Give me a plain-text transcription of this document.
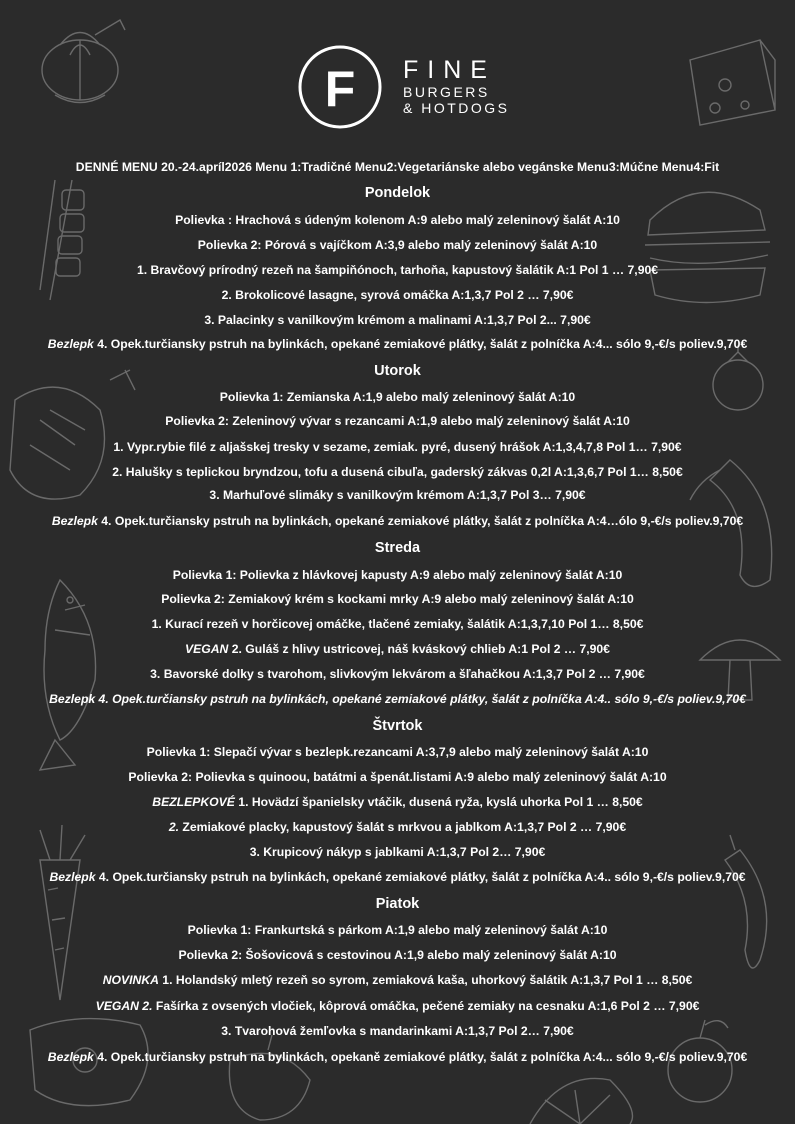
F FINE
BURGERS
& HOTDOGS
DENNÉ MENU 20.-24.apríl2026 Menu 1:Tradičné Menu2:Vegetariánske alebo vegánske Menu3:Múčne Menu4:Fit
Pondelok
Polievka : Hrachová s údeným kolenom A:9 alebo malý zeleninový šalát A:10
Polievka 2: Pórová s vajíčkom A:3,9 alebo malý zeleninový šalát A:10
1. Bravčový prírodný rezeň na šampiňónoch, tarhoňa, kapustový šalátik A:1 Pol 1 … 7,90€
2. Brokolicové lasagne, syrová omáčka A:1,3,7 Pol 2 … 7,90€
3. Palacinky s vanilkovým krémom a malinami A:1,3,7 Pol 2... 7,90€
Bezlepk 4. Opek.turčiansky pstruh na bylinkách, opekané zemiakové plátky, šalát z polníčka A:4... sólo 9,-€/s poliev.9,70€
Utorok
Polievka 1: Zemianska A:1,9 alebo malý zeleninový šalát A:10
Polievka 2: Zeleninový vývar s rezancami A:1,9 alebo malý zeleninový šalát A:10
1. Vypr.rybie filé z aljašskej tresky v sezame, zemiak. pyré, dusený hrášok A:1,3,4,7,8 Pol 1… 7,90€
2. Halušky s teplickou bryndzou, tofu a dusená cibuľa, gaderský zákvas 0,2l A:1,3,6,7 Pol 1… 8,50€
3. Marhuľové slimáky s vanilkovým krémom A:1,3,7 Pol 3… 7,90€
Bezlepk 4. Opek.turčiansky pstruh na bylinkách, opekané zemiakové plátky, šalát z polníčka A:4…ólo 9,-€/s poliev.9,70€
Streda
Polievka 1: Polievka z hlávkovej kapusty A:9 alebo malý zeleninový šalát A:10
Polievka 2: Zemiakový krém s kockami mrky A:9 alebo malý zeleninový šalát A:10
1. Kurací rezeň v horčicovej omáčke, tlačené zemiaky, šalátik A:1,3,7,10 Pol 1… 8,50€
VEGAN 2. Guláš z hlivy ustricovej, náš kváskový chlieb A:1 Pol 2 … 7,90€
3. Bavorské dolky s tvarohom, slivkovým lekvárom a šľahačkou A:1,3,7 Pol 2 … 7,90€
Bezlepk 4. Opek.turčiansky pstruh na bylinkách, opekané zemiakové plátky, šalát z polníčka A:4.. sólo 9,-€/s poliev.9,70€
Štvrtok
Polievka 1: Slepačí vývar s bezlepk.rezancami A:3,7,9 alebo malý zeleninový šalát A:10
Polievka 2: Polievka s quinoou, batátmi a špenát.listami A:9 alebo malý zeleninový šalát A:10
BEZLEPKOVÉ 1. Hovädzí španielsky vtáčik, dusená ryža, kyslá uhorka Pol 1 … 8,50€
2. Zemiakové placky, kapustový šalát s mrkvou a jablkom A:1,3,7 Pol 2 … 7,90€
3. Krupicový nákyp s jablkami A:1,3,7 Pol 2… 7,90€
Bezlepk 4. Opek.turčiansky pstruh na bylinkách, opekané zemiakové plátky, šalát z polníčka A:4.. sólo 9,-€/s poliev.9,70€
Piatok
Polievka 1: Frankurtská s párkom A:1,9 alebo malý zeleninový šalát A:10
Polievka 2: Šošovicová s cestovinou A:1,9 alebo malý zeleninový šalát A:10
NOVINKA 1. Holandský mletý rezeň so syrom, zemiaková kaša, uhorkový šalátik A:1,3,7 Pol 1 … 8,50€
VEGAN 2. Fašírka z ovsených vločiek, kôprová omáčka, pečené zemiaky na cesnaku A:1,6 Pol 2 … 7,90€
3. Tvarohová žemľovka s mandarinkami A:1,3,7 Pol 2… 7,90€
Bezlepk 4. Opek.turčiansky pstruh na bylinkách, opekaně zemiakové plátky, šalát z polníčka A:4... sólo 9,-€/s poliev.9,70€
